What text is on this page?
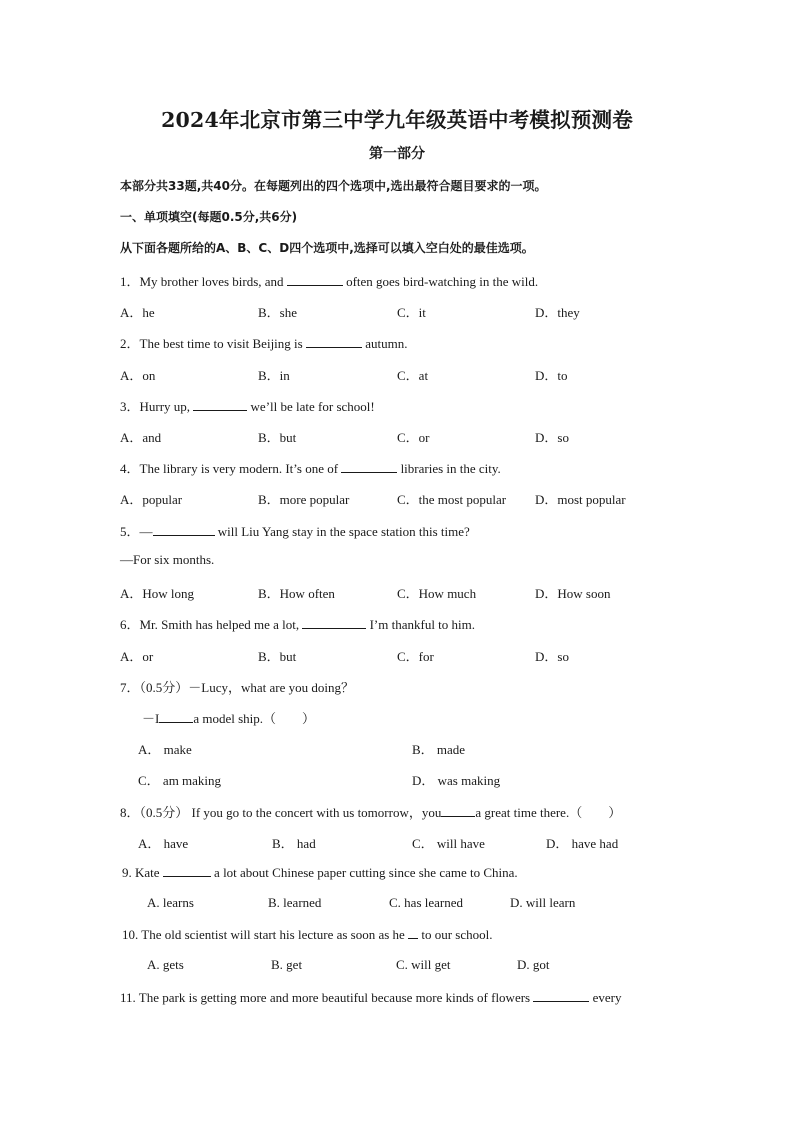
2024年北京市第三中学九年级英语中考模拟预测卷
第一部分
本部分共33题,共40分。在每题列出的四个选项中,选出最符合题目要求的一项。
一、单项填空(每题0.5分,共6分)
从下面各题所给的A、B、C、D四个选项中,选择可以填入空白处的最佳选项。
1．My brother loves birds, and	often goes bird-watching in the wild.
A．he	B．she	C．it	D．they
2．The best time to visit Beijing is	autumn.
A．on	B．in	C．at	D．to
3．Hurry up,	we’ll be late for school!
A．and	B．but	C．or	D．so
4．The library is very modern. It’s one of	libraries in the city.
A．popular	B．more popular	C．the most popular D．most popular
5．—	will Liu Yang stay in the space station this time?
—For six months.
A．How long	B．How often	C．How much	D．How soon
6．Mr. Smith has helped me a lot,	I’m thankful to him.
A．or	B．but	C．for	D．so
7．（0.5分）－Lucy，what are you doing？
－I	a model ship.（　　）
A． make	B． made
C． am making	D． was making
8．（0.5分） If you go to the concert with us tomorrow，you	a great time there.（　　）
A． have	B． had	C． will have	D． have had
9. Kate	a lot about Chinese paper cutting since she came to China.
A. learns	B. learned	C. has learned	D. will learn
10. The old scientist will start his lecture as soon as he  to our school.
A. gets	B. get	C. will get	D. got
11. The park is getting more and more beautiful because more kinds of flowers	every
